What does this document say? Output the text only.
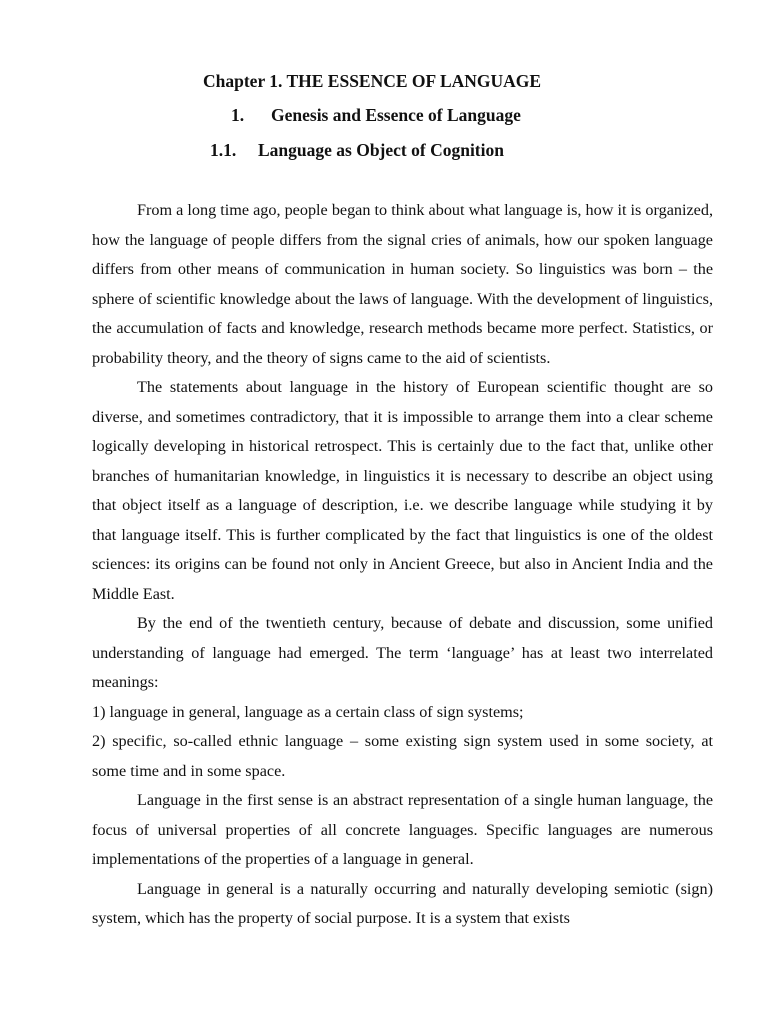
Chapter 1. THE ESSENCE OF LANGUAGE
1. Genesis and Essence of Language
1.1. Language as Object of Cognition

From a long time ago, people began to think about what language is, how it is organized, how the language of people differs from the signal cries of animals, how our spoken language differs from other means of communication in human society. So linguistics was born – the sphere of scientific knowledge about the laws of language. With the development of linguistics, the accumulation of facts and knowledge, research methods became more perfect. Statistics, or probability theory, and the theory of signs came to the aid of scientists.

The statements about language in the history of European scientific thought are so diverse, and sometimes contradictory, that it is impossible to arrange them into a clear scheme logically developing in historical retrospect. This is certainly due to the fact that, unlike other branches of humanitarian knowledge, in linguistics it is necessary to describe an object using that object itself as a language of description, i.e. we describe language while studying it by that language itself. This is further complicated by the fact that linguistics is one of the oldest sciences: its origins can be found not only in Ancient Greece, but also in Ancient India and the Middle East.

By the end of the twentieth century, because of debate and discussion, some unified understanding of language had emerged. The term ‘language’ has at least two interrelated meanings:

1) language in general, language as a certain class of sign systems;

2) specific, so-called ethnic language – some existing sign system used in some society, at some time and in some space.

Language in the first sense is an abstract representation of a single human language, the focus of universal properties of all concrete languages. Specific languages are numerous implementations of the properties of a language in general.

Language in general is a naturally occurring and naturally developing semiotic (sign) system, which has the property of social purpose. It is a system that exists
